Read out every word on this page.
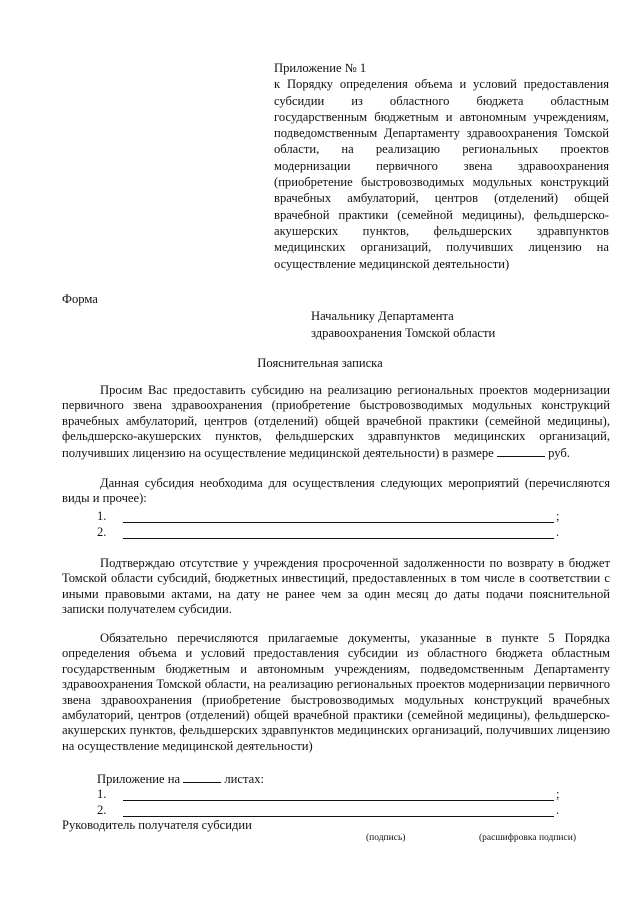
Приложение № 1
к Порядку определения объема и условий предоставления субсидии из областного бюджета областным государственным бюджетным и автономным учреждениям, подведомственным Департаменту здравоохранения Томской области, на реализацию региональных проектов модернизации первичного звена здравоохранения (приобретение быстровозводимых модульных конструкций врачебных амбулаторий, центров (отделений) общей врачебной практики (семейной медицины), фельдшерско-акушерских пунктов, фельдшерских здравпунктов медицинских организаций, получивших лицензию на осуществление медицинской деятельности)
Форма
Начальнику Департамента
здравоохранения Томской области
Пояснительная записка

Просим Вас предоставить субсидию на реализацию региональных проектов модернизации первичного звена здравоохранения (приобретение быстровозводимых модульных конструкций врачебных амбулаторий, центров (отделений) общей врачебной практики (семейной медицины), фельдшерско-акушерских пунктов, фельдшерских здравпунктов медицинских организаций, получивших лицензию на осуществление медицинской деятельности) в размере	руб.

Данная субсидия необходима для осуществления следующих мероприятий (перечисляются виды и прочее):

1.	;
2.	.

Подтверждаю отсутствие у учреждения просроченной задолженности по возврату в бюджет Томской области субсидий, бюджетных инвестиций, предоставленных в том числе в соответствии с иными правовыми актами, на дату не ранее чем за один месяц до даты подачи пояснительной записки получателем субсидии.

Обязательно перечисляются прилагаемые документы, указанные в пункте 5 Порядка определения объема и условий предоставления субсидии из областного бюджета областным государственным бюджетным и автономным учреждениям, подведомственным Департаменту здравоохранения Томской области, на реализацию региональных проектов модернизации первичного звена здравоохранения (приобретение быстровозводимых модульных конструкций врачебных амбулаторий, центров (отделений) общей врачебной практики (семейной медицины), фельдшерско-акушерских пунктов, фельдшерских здравпунктов медицинских организаций, получивших лицензию на осуществление медицинской деятельности)

Приложение на	листах:
1.	;
2.	.
Руководитель получателя субсидии
(подпись)	(расшифровка подписи)
